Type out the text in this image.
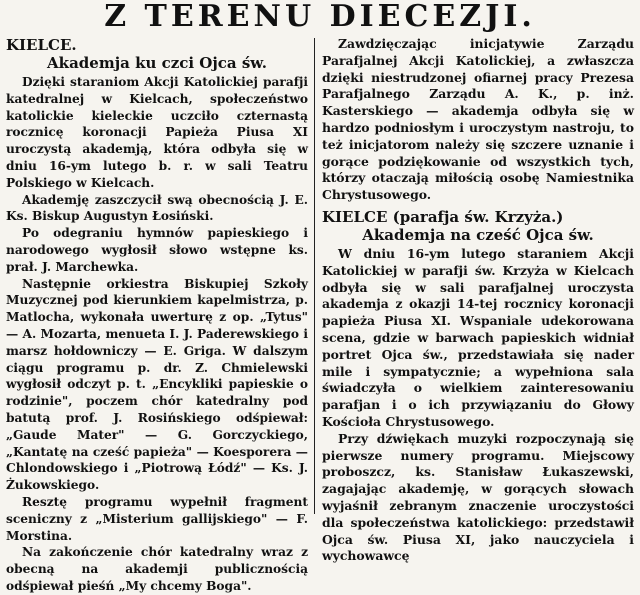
Z TERENU DIECEZJI.
KIELCE.
Akademja ku czci Ojca św.

Dzięki staraniom Akcji Katolickiej parafji katedralnej w Kielcach, społeczeństwo katolickie kieleckie uczciło czternastą rocznicę koronacji Papieża Piusa XI uroczystą akademją, która odbyła się w dniu 16-ym lutego b. r. w sali Teatru Polskiego w Kielcach.

Akademję zaszczycił swą obecnością J. E. Ks. Biskup Augustyn Łosiński.

Po odegraniu hymnów papieskiego i narodowego wygłosił słowo wstępne ks. prał. J. Marchewka.

Następnie orkiestra Biskupiej Szkoły Muzycznej pod kierunkiem kapelmistrza, p. Matlocha, wykonała uwerturę z op. „Tytus" — A. Mozarta, menueta I. J. Paderewskiego i marsz hołdowniczy — E. Griga. W dalszym ciągu programu p. dr. Z. Chmielewski wygłosił odczyt p. t. „Encykliki papieskie o rodzinie", poczem chór katedralny pod batutą prof. J. Rosińskiego odśpiewał: „Gaude Mater" — G. Gorczyckiego, „Kantatę na cześć papieża" — Koesporera — Chlondowskiego i „Piotrową Łódź" — Ks. J. Żukowskiego.

Resztę programu wypełnił fragment sceniczny z „Misterium gallijskiego" — F. Morstina.

Na zakończenie chór katedralny wraz z obecną na akademji publicznością odśpiewał pieśń „My chcemy Boga".

Zawdzięczając inicjatywie Zarządu Parafjalnej Akcji Katolickiej, a zwłaszcza dzięki niestrudzonej ofiarnej pracy Prezesa Parafjalnego Zarządu A. K., p. inż. Kasterskiego — akademja odbyła się w hardzo podniosłym i uroczystym nastroju, to też inicjatorom należy się szczere uznanie i gorące podziękowanie od wszystkich tych, którzy otaczają miłością osobę Namiestnika Chrystusowego.

KIELCE (parafja św. Krzyża.)
Akademja na cześć Ojca św.

W dniu 16-ym lutego staraniem Akcji Katolickiej w parafji św. Krzyża w Kielcach odbyła się w sali parafjalnej uroczysta akademja z okazji 14-tej rocznicy koronacji papieża Piusa XI. Wspaniale udekorowana scena, gdzie w barwach papieskich widniał portret Ojca św., przedstawiała się nader mile i sympatycznie; a wypełniona sala świadczyła o wielkiem zainteresowaniu parafjan i o ich przywiązaniu do Głowy Kościoła Chrystusowego.

Przy dźwiękach muzyki rozpoczynają się pierwsze numery programu. Miejscowy proboszcz, ks. Stanisław Łukaszewski, zagajając akademję, w gorących słowach wyjaśnił zebranym znaczenie uroczystości dla społeczeństwa katolickiego: przedstawił Ojca św. Piusa XI, jako nauczyciela i wychowawcę
